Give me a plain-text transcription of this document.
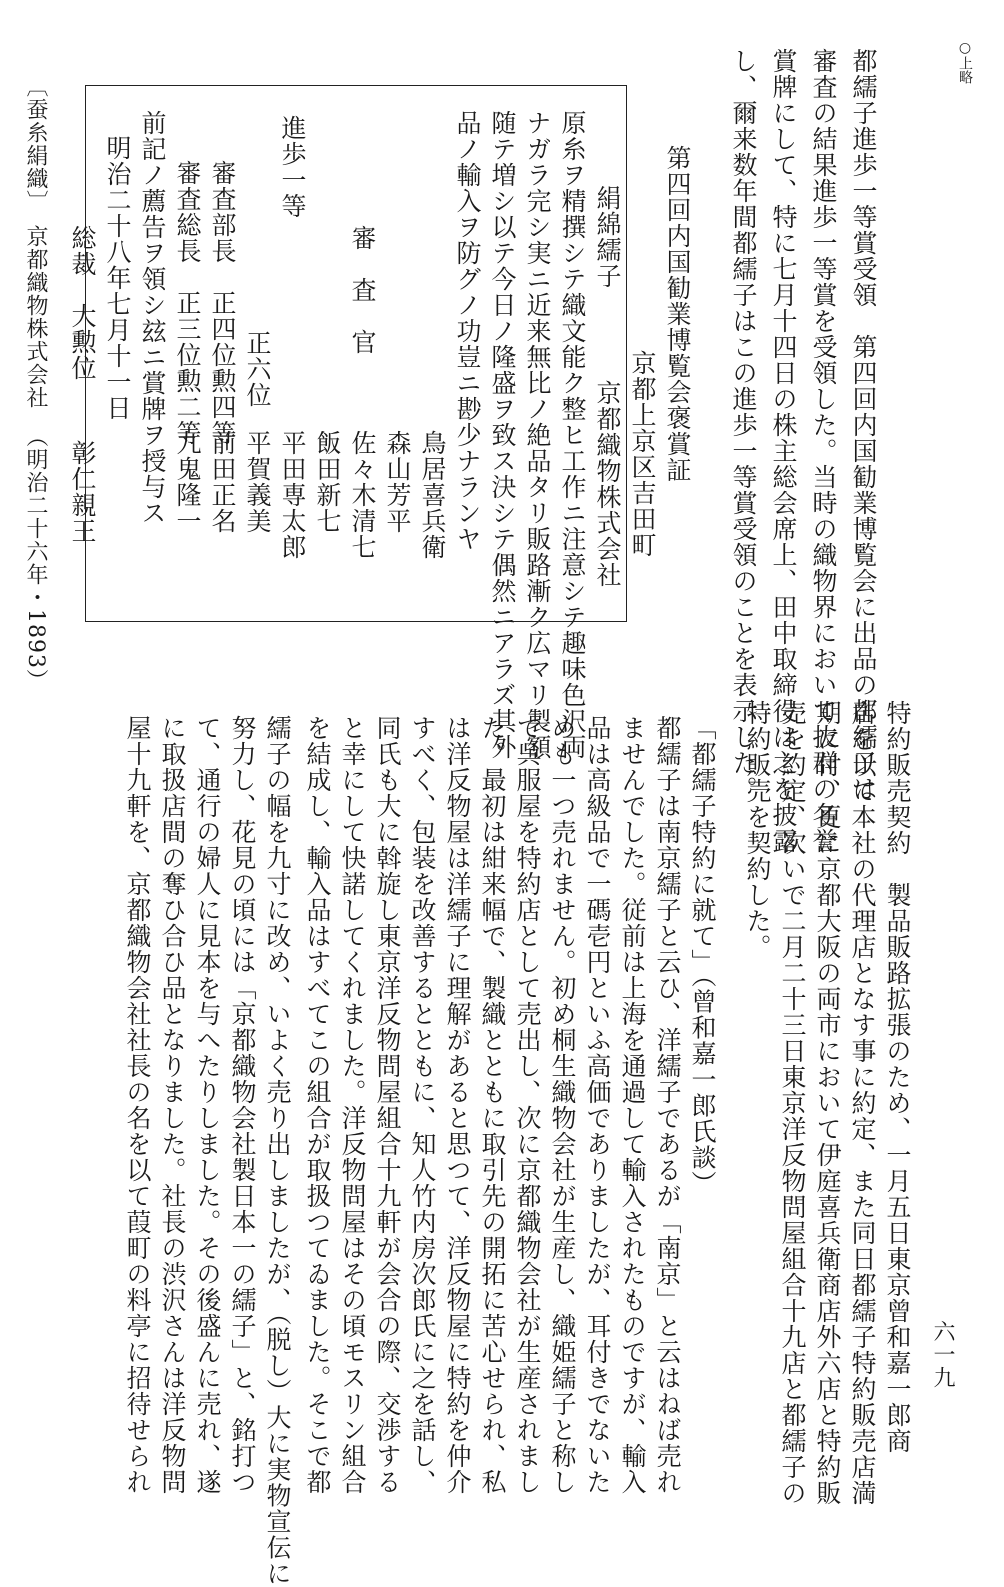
○上略
都繻子進歩一等賞受領　第四回内国勧業博覧会に出品の都繻子は
審査の結果進歩一等賞を受領した。当時の織物界において抜群の名誉
賞牌にして、特に七月十四日の株主総会席上、田中取締役は之を披露
し、爾来数年間都繻子はこの進歩一等賞受領のことを表示した。
第四回内国勧業博覧会褒賞証
京都上京区吉田町
絹綿繻子
京都織物株式会社
原糸ヲ精撰シテ織文能ク整ヒ工作ニ注意シテ趣味色沢両
ナガラ完シ実ニ近来無比ノ絶品タリ販路漸ク広マリ製額
随テ増シ以テ今日ノ隆盛ヲ致ス決シテ偶然ニアラズ其外
品ノ輸入ヲ防グノ功豈ニ尠少ナランヤ
鳥居喜兵衛
森山芳平
佐々木清七
審　査　官
飯田新七
平田専太郎
進歩一等
正六位
平賀義美
審査部長　正四位勲四等
前田正名
審査総長　正三位勲二等
九鬼隆一
前記ノ薦告ヲ領シ玆ニ賞牌ヲ授与ス
明治二十八年七月十一日
総裁　大勲位
彰仁親王
〔蚕糸絹織〕
京都織物株式会社
（明治二十六年・1893）
特約販売契約　製品販路拡張のため、一月五日東京曾和嘉一郎商
店を以て本社の代理店となす事に約定、また同日都繻子特約販売店満
期に付、更に京都大阪の両市において伊庭喜兵衛商店外六店と特約販
売を約定、次いで二月二十三日東京洋反物問屋組合十九店と都繻子の
特約販売を契約した。
「都繻子特約に就て」（曾和嘉一郎氏談）
都繻子は南京繻子と云ひ、洋繻子であるが「南京」と云はねば売れ
ませんでした。従前は上海を通過して輸入されたものですが、輸入
品は高級品で一碼壱円といふ高価でありましたが、耳付きでないた
めも一つ売れません。初め桐生織物会社が生産し、織姫繻子と称し
て呉服屋を特約店として売出し、次に京都織物会社が生産されまし
た。最初は紺来幅で、製織とともに取引先の開拓に苦心せられ、私
は洋反物屋は洋繻子に理解があると思つて、洋反物屋に特約を仲介
すべく、包装を改善するとともに、知人竹内房次郎氏に之を話し、
同氏も大に斡旋し東京洋反物問屋組合十九軒が会合の際、交渉する
と幸にして快諾してくれました。洋反物問屋はその頃モスリン組合
を結成し、輸入品はすべてこの組合が取扱つてゐました。そこで都
繻子の幅を九寸に改め、いよく売り出しましたが、（脱し）大に実物宣伝に
努力し、花見の頃には「京都織物会社製日本一の繻子」と、銘打つ
て、通行の婦人に見本を与へたりしました。その後盛んに売れ、遂
に取扱店間の奪ひ合ひ品となりました。社長の渋沢さんは洋反物問
屋十九軒を、京都織物会社社長の名を以て葭町の料亭に招待せられ	六一九
